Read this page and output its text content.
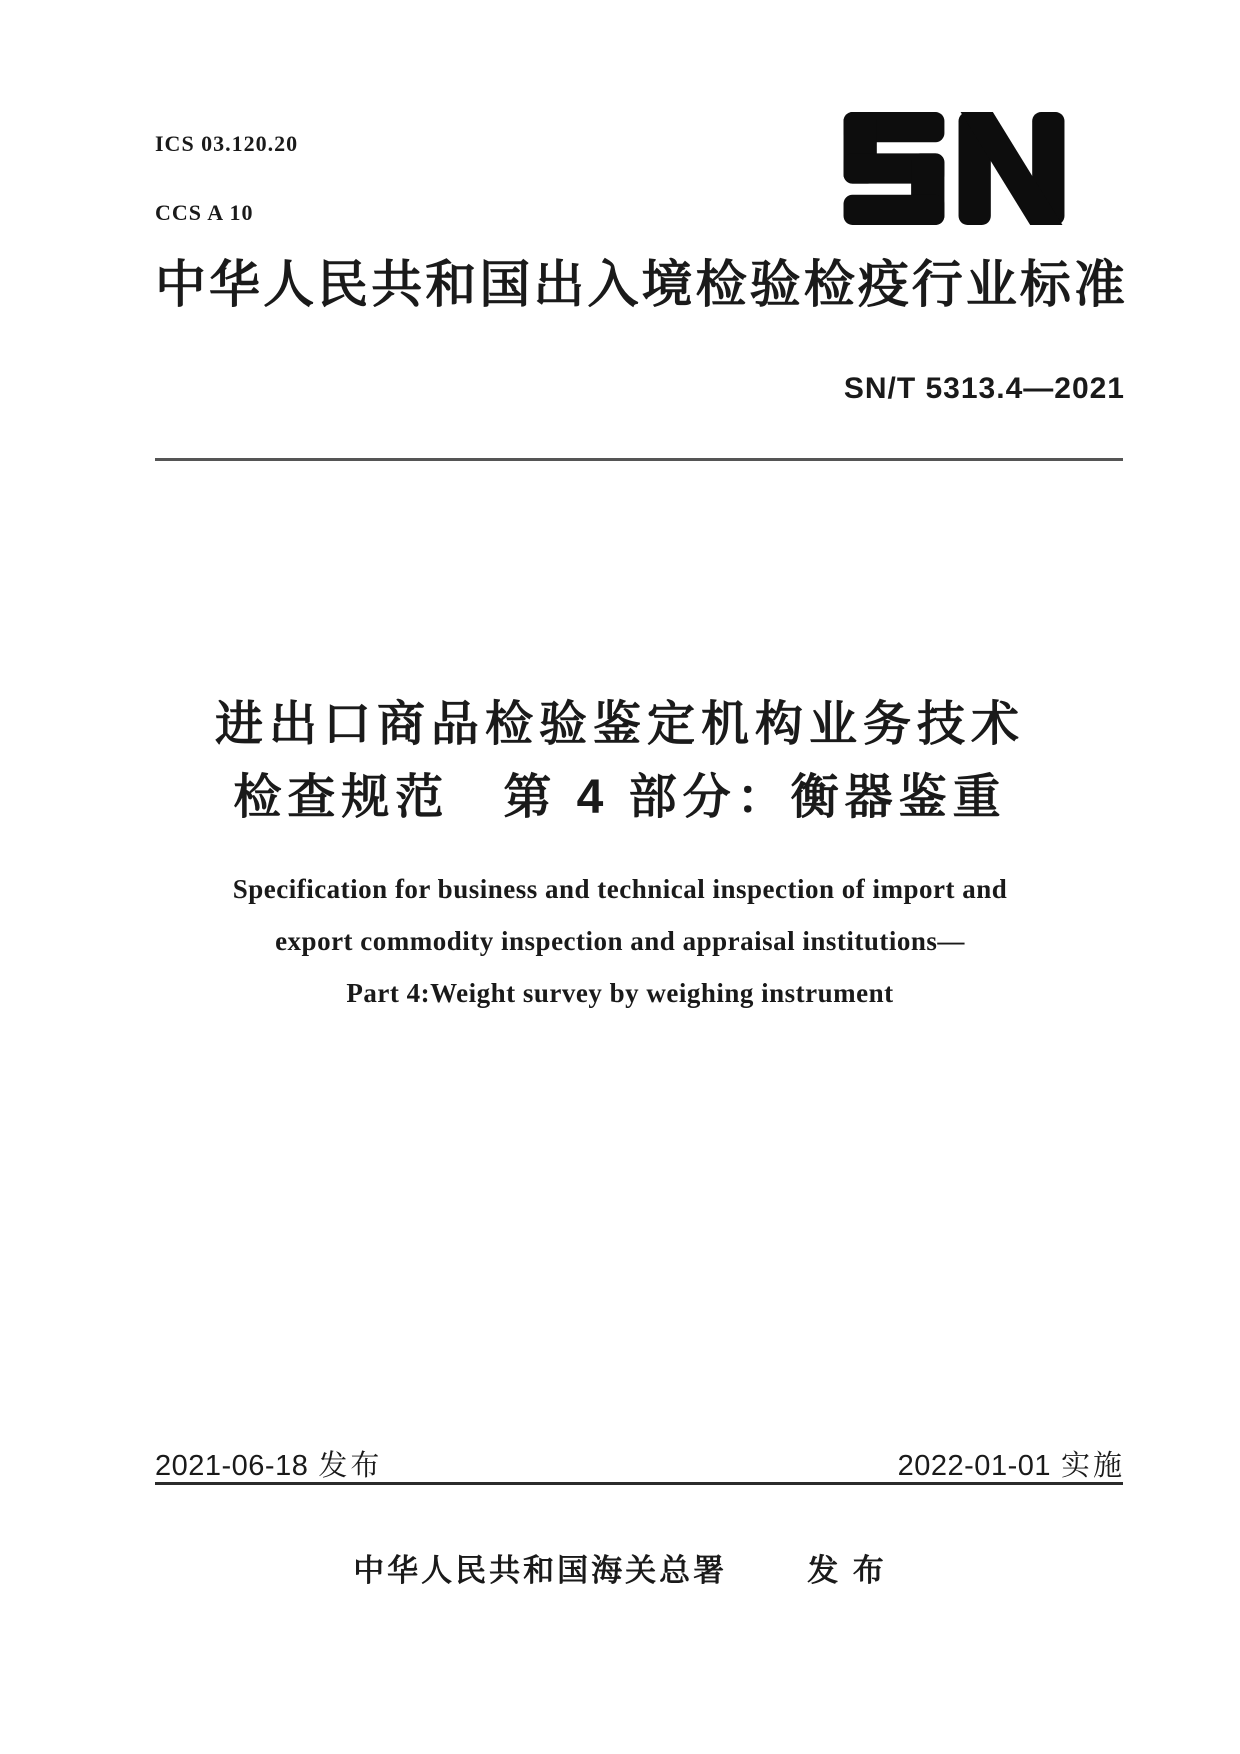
ICS 03.120.20

CCS A 10

中华人民共和国出入境检验检疫行业标准
SN/T 5313.4—2021
进出口商品检验鉴定机构业务技术
检查规范　第 4 部分：衡器鉴重
Specification for business and technical inspection of import and
export commodity inspection and appraisal institutions—
Part 4:Weight survey by weighing instrument
2021-06-18 发布	2022-01-01 实施
中华人民共和国海关总署	发 布
